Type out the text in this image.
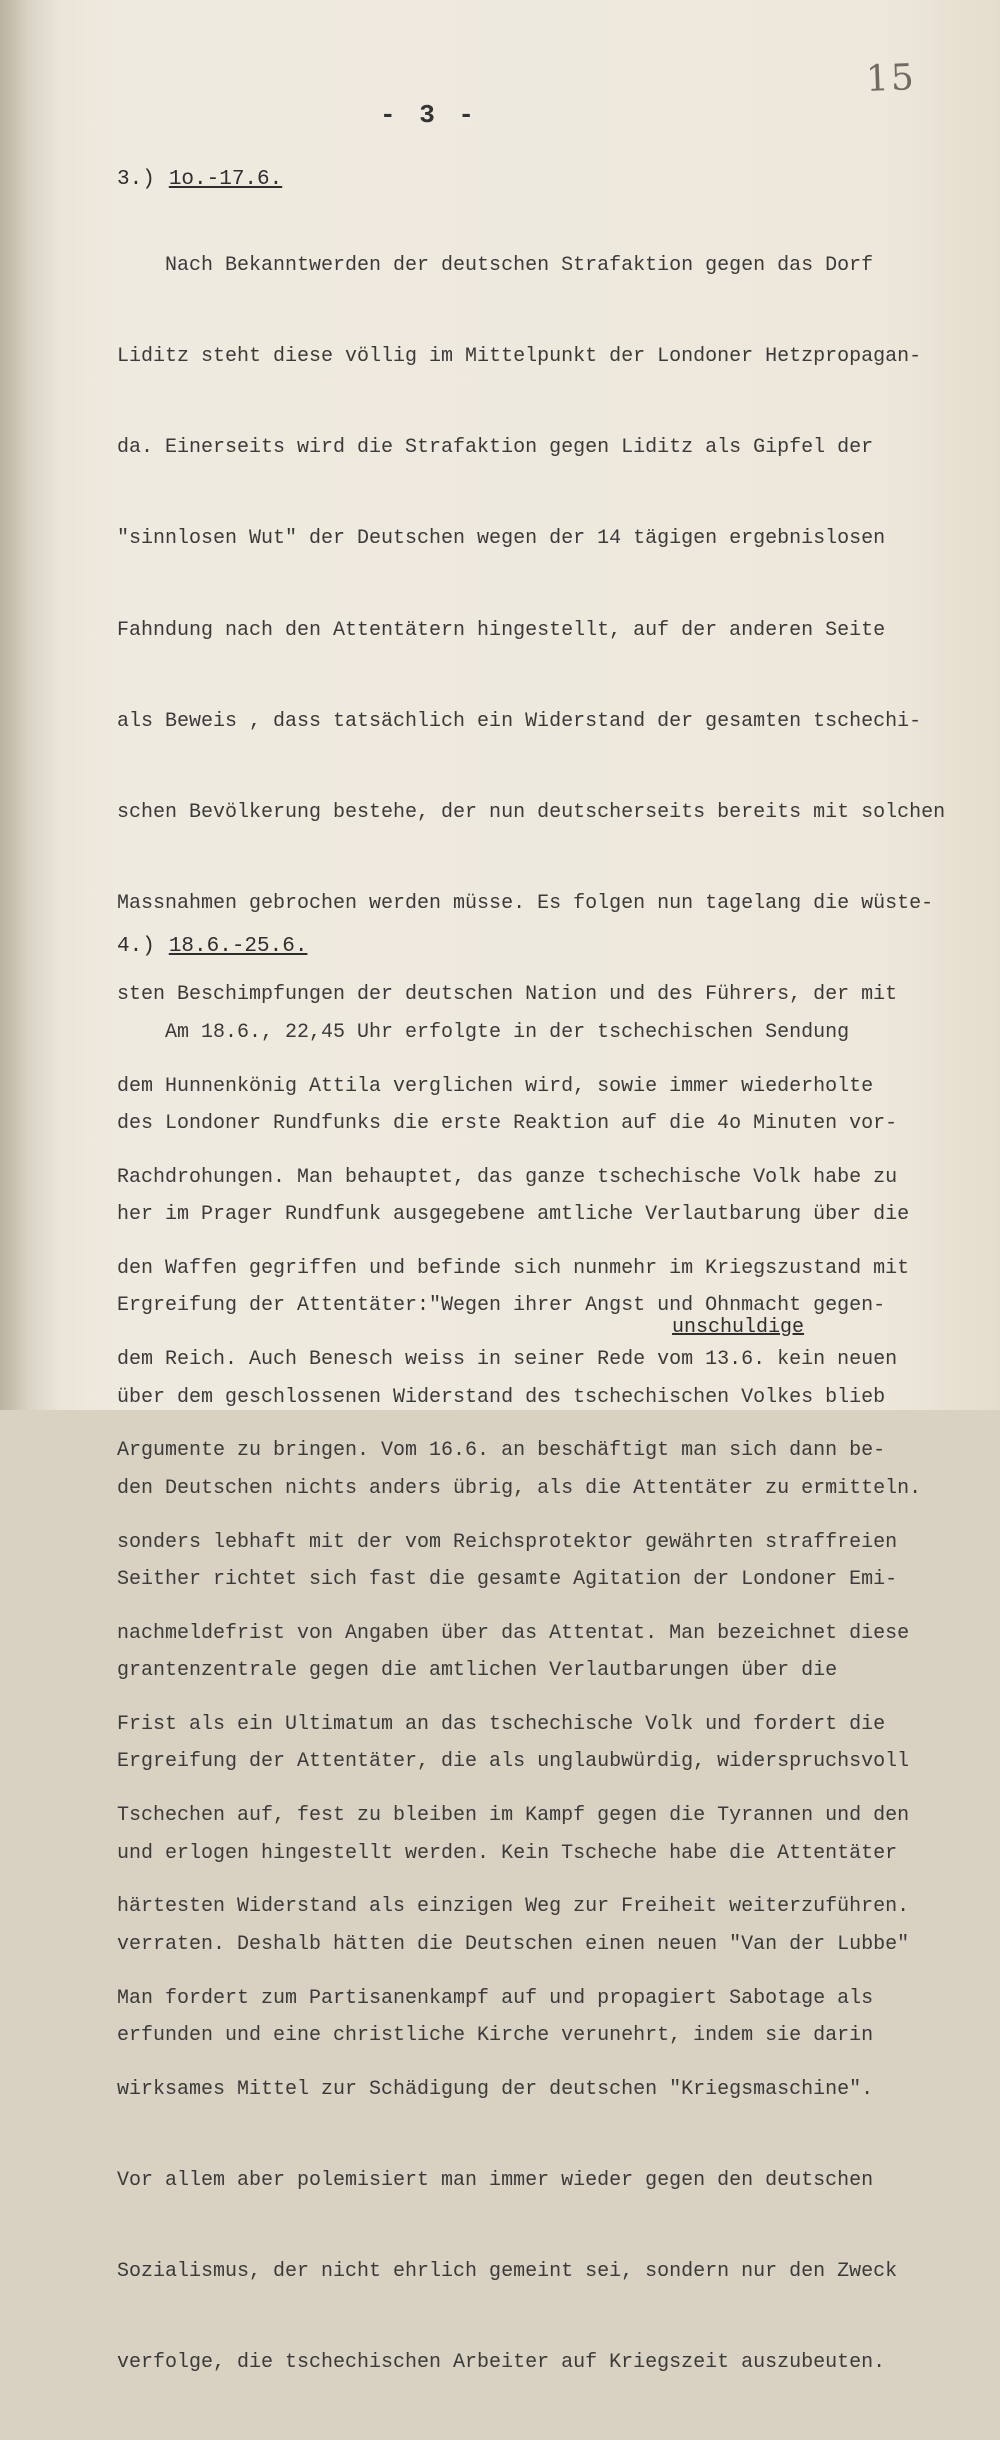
15
- 3 -
3.) 1o.-17.6.

Nach Bekanntwerden der deutschen Strafaktion gegen das Dorf

Liditz steht diese völlig im Mittelpunkt der Londoner Hetzpropagan-

da. Einerseits wird die Strafaktion gegen Liditz als Gipfel der

"sinnlosen Wut" der Deutschen wegen der 14 tägigen ergebnislosen

Fahndung nach den Attentätern hingestellt, auf der anderen Seite

als Beweis , dass tatsächlich ein Widerstand der gesamten tschechi-

schen Bevölkerung bestehe, der nun deutscherseits bereits mit solchen

Massnahmen gebrochen werden müsse. Es folgen nun tagelang die wüste-

sten Beschimpfungen der deutschen Nation und des Führers, der mit

dem Hunnenkönig Attila verglichen wird, sowie immer wiederholte

Rachdrohungen. Man behauptet, das ganze tschechische Volk habe zu

den Waffen gegriffen und befinde sich nunmehr im Kriegszustand mit

dem Reich. Auch Benesch weiss in seiner Rede vom 13.6. kein neuen

Argumente zu bringen. Vom 16.6. an beschäftigt man sich dann be-

sonders lebhaft mit der vom Reichsprotektor gewährten straffreien

nachmeldefrist von Angaben über das Attentat. Man bezeichnet diese

Frist als ein Ultimatum an das tschechische Volk und fordert die

Tschechen auf, fest zu bleiben im Kampf gegen die Tyrannen und den

härtesten Widerstand als einzigen Weg zur Freiheit weiterzuführen.

Man fordert zum Partisanenkampf auf und propagiert Sabotage als

wirksames Mittel zur Schädigung der deutschen "Kriegsmaschine".

Vor allem aber polemisiert man immer wieder gegen den deutschen

Sozialismus, der nicht ehrlich gemeint sei, sondern nur den Zweck

verfolge, die tschechischen Arbeiter auf Kriegszeit auszubeuten.

4.) 18.6.-25.6.

Am 18.6., 22,45 Uhr erfolgte in der tschechischen Sendung

des Londoner Rundfunks die erste Reaktion auf die 4o Minuten vor-

her im Prager Rundfunk ausgegebene amtliche Verlautbarung über die

Ergreifung der Attentäter:"Wegen ihrer Angst und Ohnmacht gegen-

über dem geschlossenen Widerstand des tschechischen Volkes blieb

den Deutschen nichts anders übrig, als die Attentäter zu ermitteln.

Seither richtet sich fast die gesamte Agitation der Londoner Emi-

grantenzentrale gegen die amtlichen Verlautbarungen über die

Ergreifung der Attentäter, die als unglaubwürdig, widerspruchsvoll

und erlogen hingestellt werden. Kein Tscheche habe die Attentäter

verraten. Deshalb hätten die Deutschen einen neuen "Van der Lubbe"

erfunden und eine christliche Kirche verunehrt, indem sie darin

unschuldige
